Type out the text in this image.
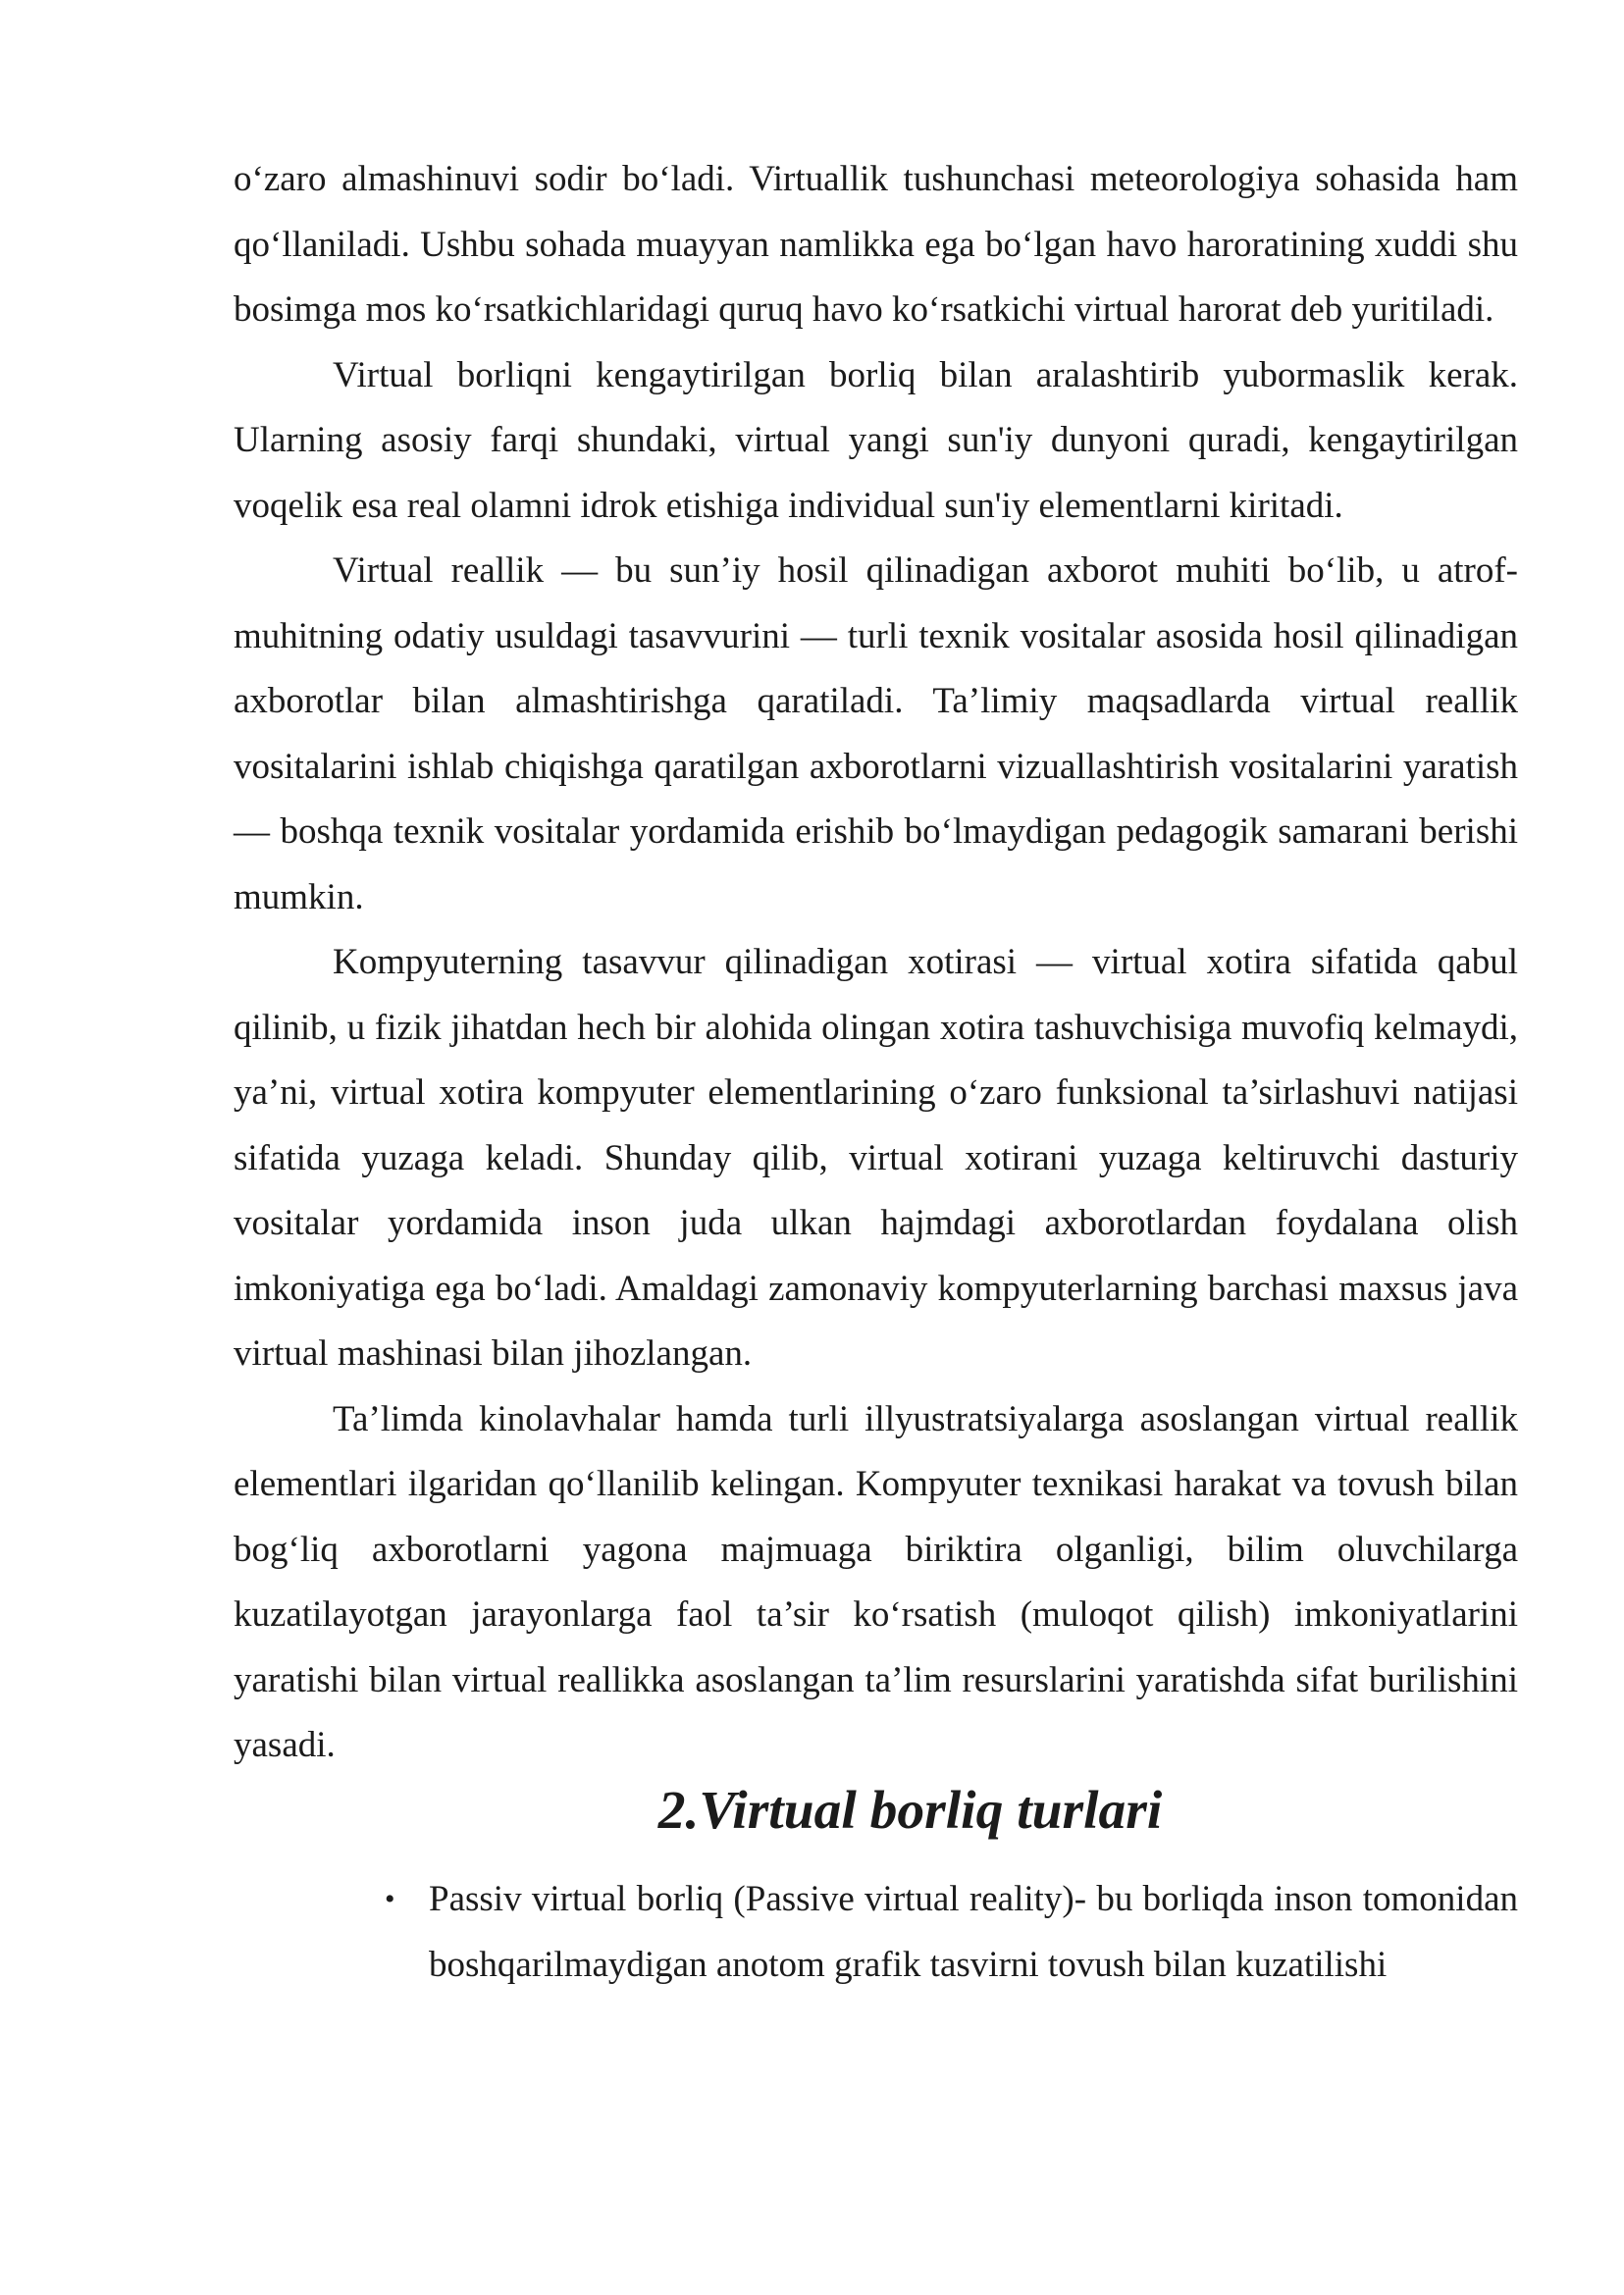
o‘zaro almashinuvi sodir bo‘ladi. Virtuallik tushunchasi meteorologiya sohasida ham qo‘llaniladi. Ushbu sohada muayyan namlikka ega bo‘lgan havo haroratining xuddi shu bosimga mos ko‘rsatkichlaridagi quruq havo ko‘rsatkichi virtual harorat deb yuritiladi.

Virtual borliqni kengaytirilgan borliq bilan aralashtirib yubormaslik kerak. Ularning asosiy farqi shundaki, virtual yangi sun'iy dunyoni quradi, kengaytirilgan voqelik esa real olamni idrok etishiga individual sun'iy elementlarni kiritadi.

Virtual reallik — bu sun’iy hosil qilinadigan axborot muhiti bo‘lib, u atrof-muhitning odatiy usuldagi tasavvurini — turli texnik vositalar asosida hosil qilinadigan axborotlar bilan almashtirishga qaratiladi. Ta’limiy maqsadlarda virtual reallik vositalarini ishlab chiqishga qaratilgan axborotlarni vizuallashtirish vositalarini yaratish — boshqa texnik vositalar yordamida erishib bo‘lmaydigan pedagogik samarani berishi mumkin.

Kompyuterning tasavvur qilinadigan xotirasi — virtual xotira sifatida qabul qilinib, u fizik jihatdan hech bir alohida olingan xotira tashuvchisiga muvofiq kelmaydi, ya’ni, virtual xotira kompyuter elementlarining o‘zaro funksional ta’sirlashuvi natijasi sifatida yuzaga keladi. Shunday qilib, virtual xotirani yuzaga keltiruvchi dasturiy vositalar yordamida inson juda ulkan hajmdagi axborotlardan foydalana olish imkoniyatiga ega bo‘ladi. Amaldagi zamonaviy kompyuterlarning barchasi maxsus java virtual mashinasi bilan jihozlangan.

Ta’limda kinolavhalar hamda turli illyustratsiyalarga asoslangan virtual reallik elementlari ilgaridan qo‘llanilib kelingan. Kompyuter texnikasi harakat va tovush bilan bog‘liq axborotlarni yagona majmuaga biriktira olganligi, bilim oluvchilarga kuzatilayotgan jarayonlarga faol ta’sir ko‘rsatish (muloqot qilish) imkoniyatlarini yaratishi bilan virtual reallikka asoslangan ta’lim resurslarini yaratishda sifat burilishini yasadi.

2.Virtual borliq turlari
• Passiv virtual borliq (Passive virtual reality)- bu borliqda inson tomonidan boshqarilmaydigan anotom grafik tasvirni tovush bilan kuzatilishi
